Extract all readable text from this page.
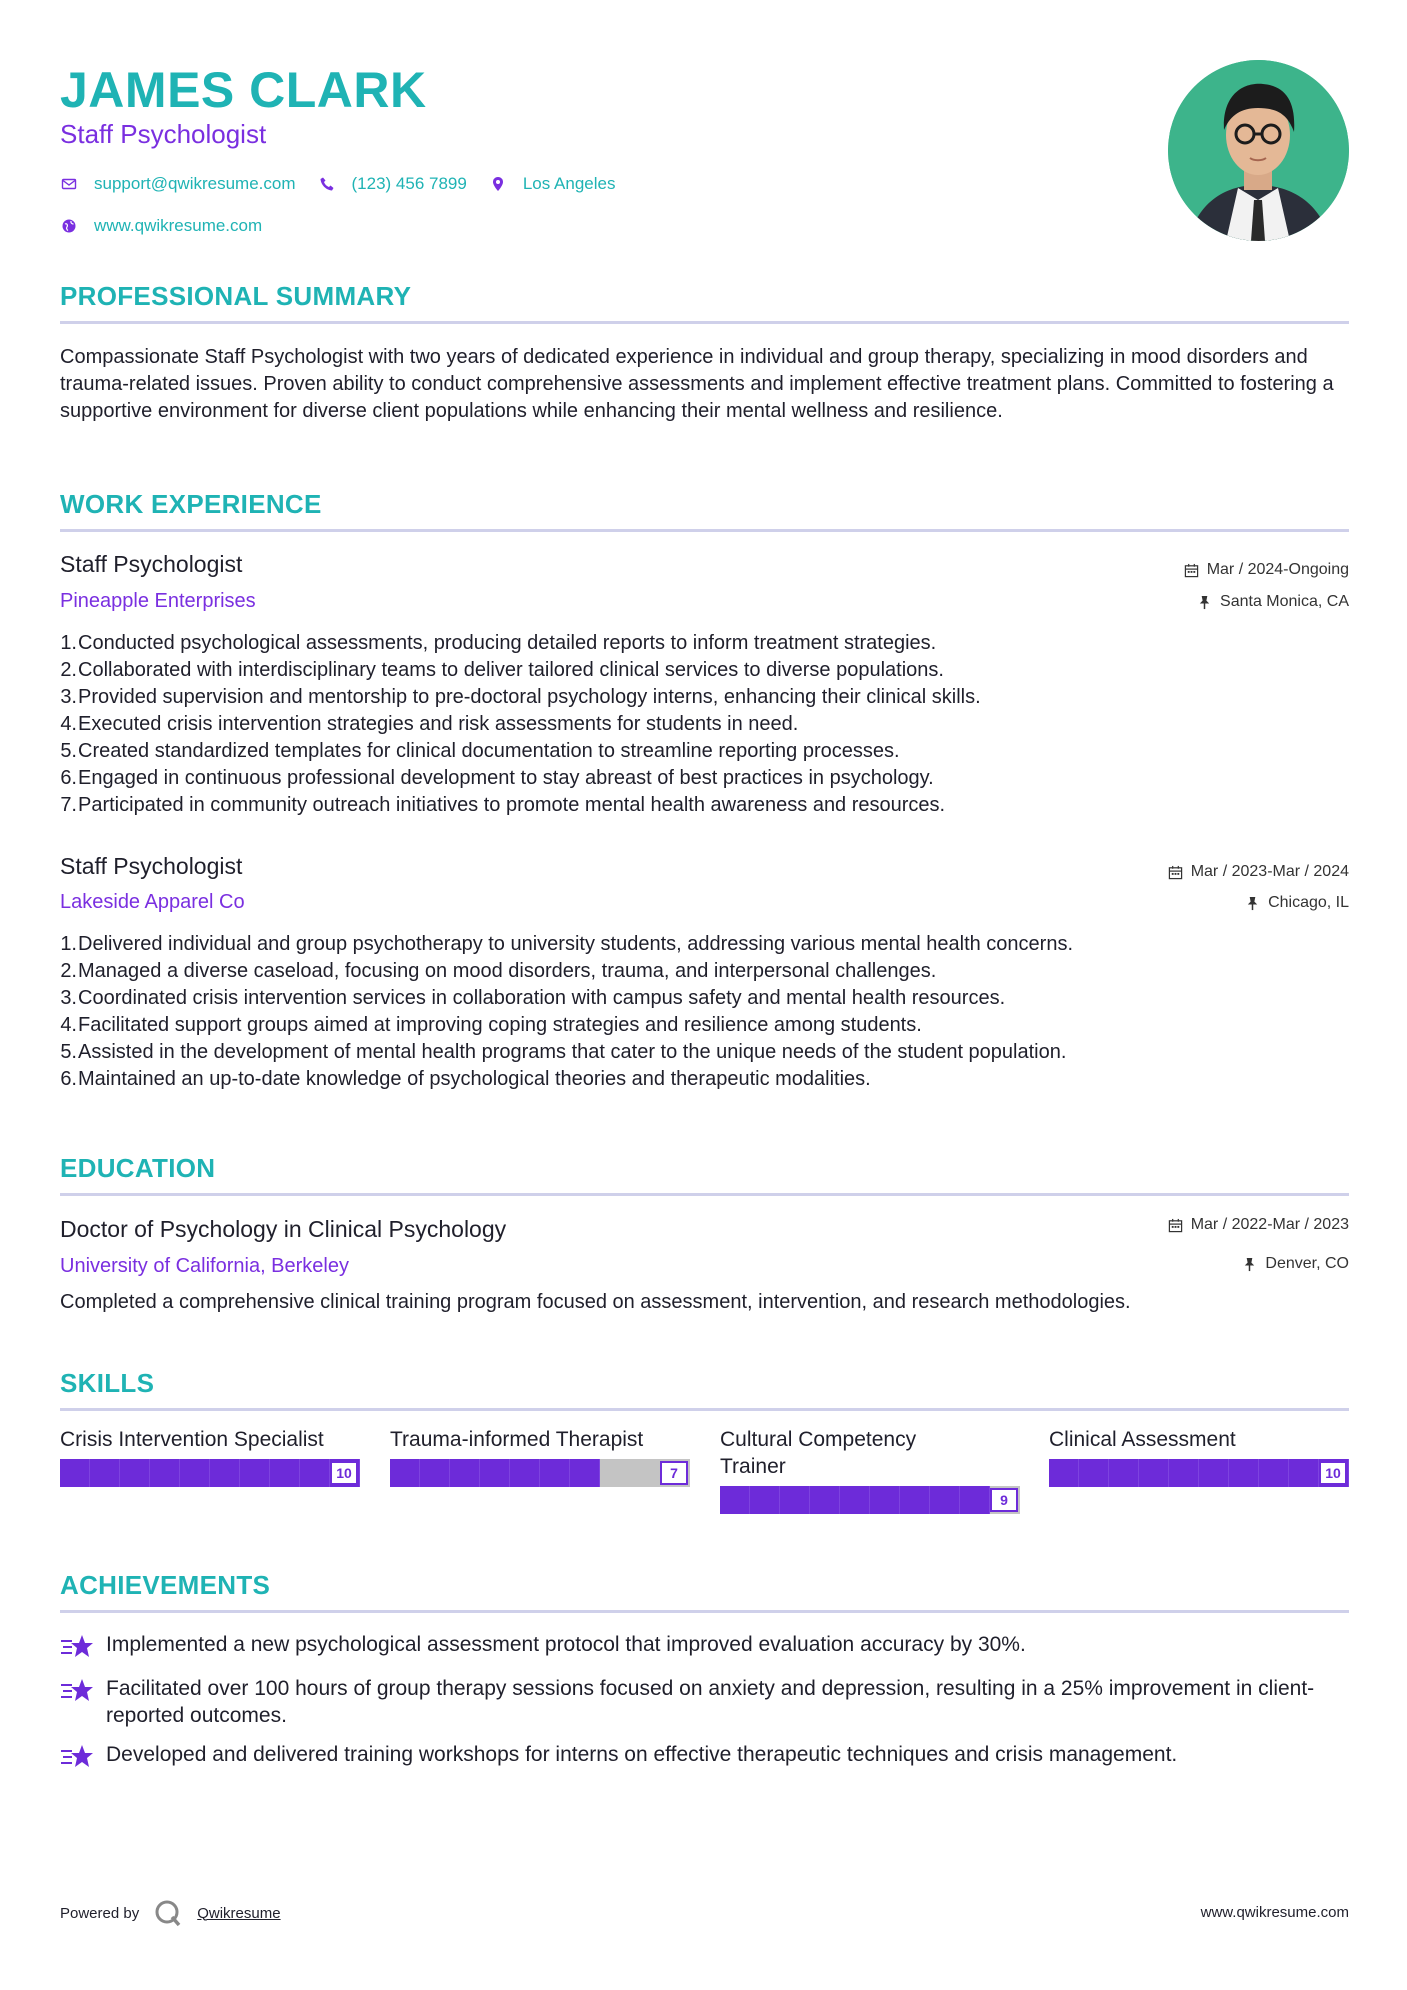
JAMES CLARK
Staff Psychologist
support@qwikresume.com	(123) 456 7899	Los Angeles
www.qwikresume.com
PROFESSIONAL SUMMARY
Compassionate Staff Psychologist with two years of dedicated experience in individual and group therapy, specializing in mood disorders and trauma-related issues. Proven ability to conduct comprehensive assessments and implement effective treatment plans. Committed to fostering a supportive environment for diverse client populations while enhancing their mental wellness and resilience.
WORK EXPERIENCE
Staff Psychologist	Mar / 2024-Ongoing
Pineapple Enterprises	Santa Monica, CA
1. Conducted psychological assessments, producing detailed reports to inform treatment strategies.
2. Collaborated with interdisciplinary teams to deliver tailored clinical services to diverse populations.
3. Provided supervision and mentorship to pre-doctoral psychology interns, enhancing their clinical skills.
4. Executed crisis intervention strategies and risk assessments for students in need.
5. Created standardized templates for clinical documentation to streamline reporting processes.
6. Engaged in continuous professional development to stay abreast of best practices in psychology.
7. Participated in community outreach initiatives to promote mental health awareness and resources.
Staff Psychologist	Mar / 2023-Mar / 2024
Lakeside Apparel Co	Chicago, IL
1. Delivered individual and group psychotherapy to university students, addressing various mental health concerns.
2. Managed a diverse caseload, focusing on mood disorders, trauma, and interpersonal challenges.
3. Coordinated crisis intervention services in collaboration with campus safety and mental health resources.
4. Facilitated support groups aimed at improving coping strategies and resilience among students.
5. Assisted in the development of mental health programs that cater to the unique needs of the student population.
6. Maintained an up-to-date knowledge of psychological theories and therapeutic modalities.
EDUCATION
Doctor of Psychology in Clinical Psychology	Mar / 2022-Mar / 2023
University of California, Berkeley	Denver, CO
Completed a comprehensive clinical training program focused on assessment, intervention, and research methodologies.
SKILLS
Crisis Intervention Specialist
10
Trauma-informed Therapist
7
Cultural Competency Trainer
9
Clinical Assessment
10
ACHIEVEMENTS
Implemented a new psychological assessment protocol that improved evaluation accuracy by 30%.
Facilitated over 100 hours of group therapy sessions focused on anxiety and depression, resulting in a 25% improvement in client-reported outcomes.
Developed and delivered training workshops for interns on effective therapeutic techniques and crisis management.
Powered by	Qwikresume	www.qwikresume.com
